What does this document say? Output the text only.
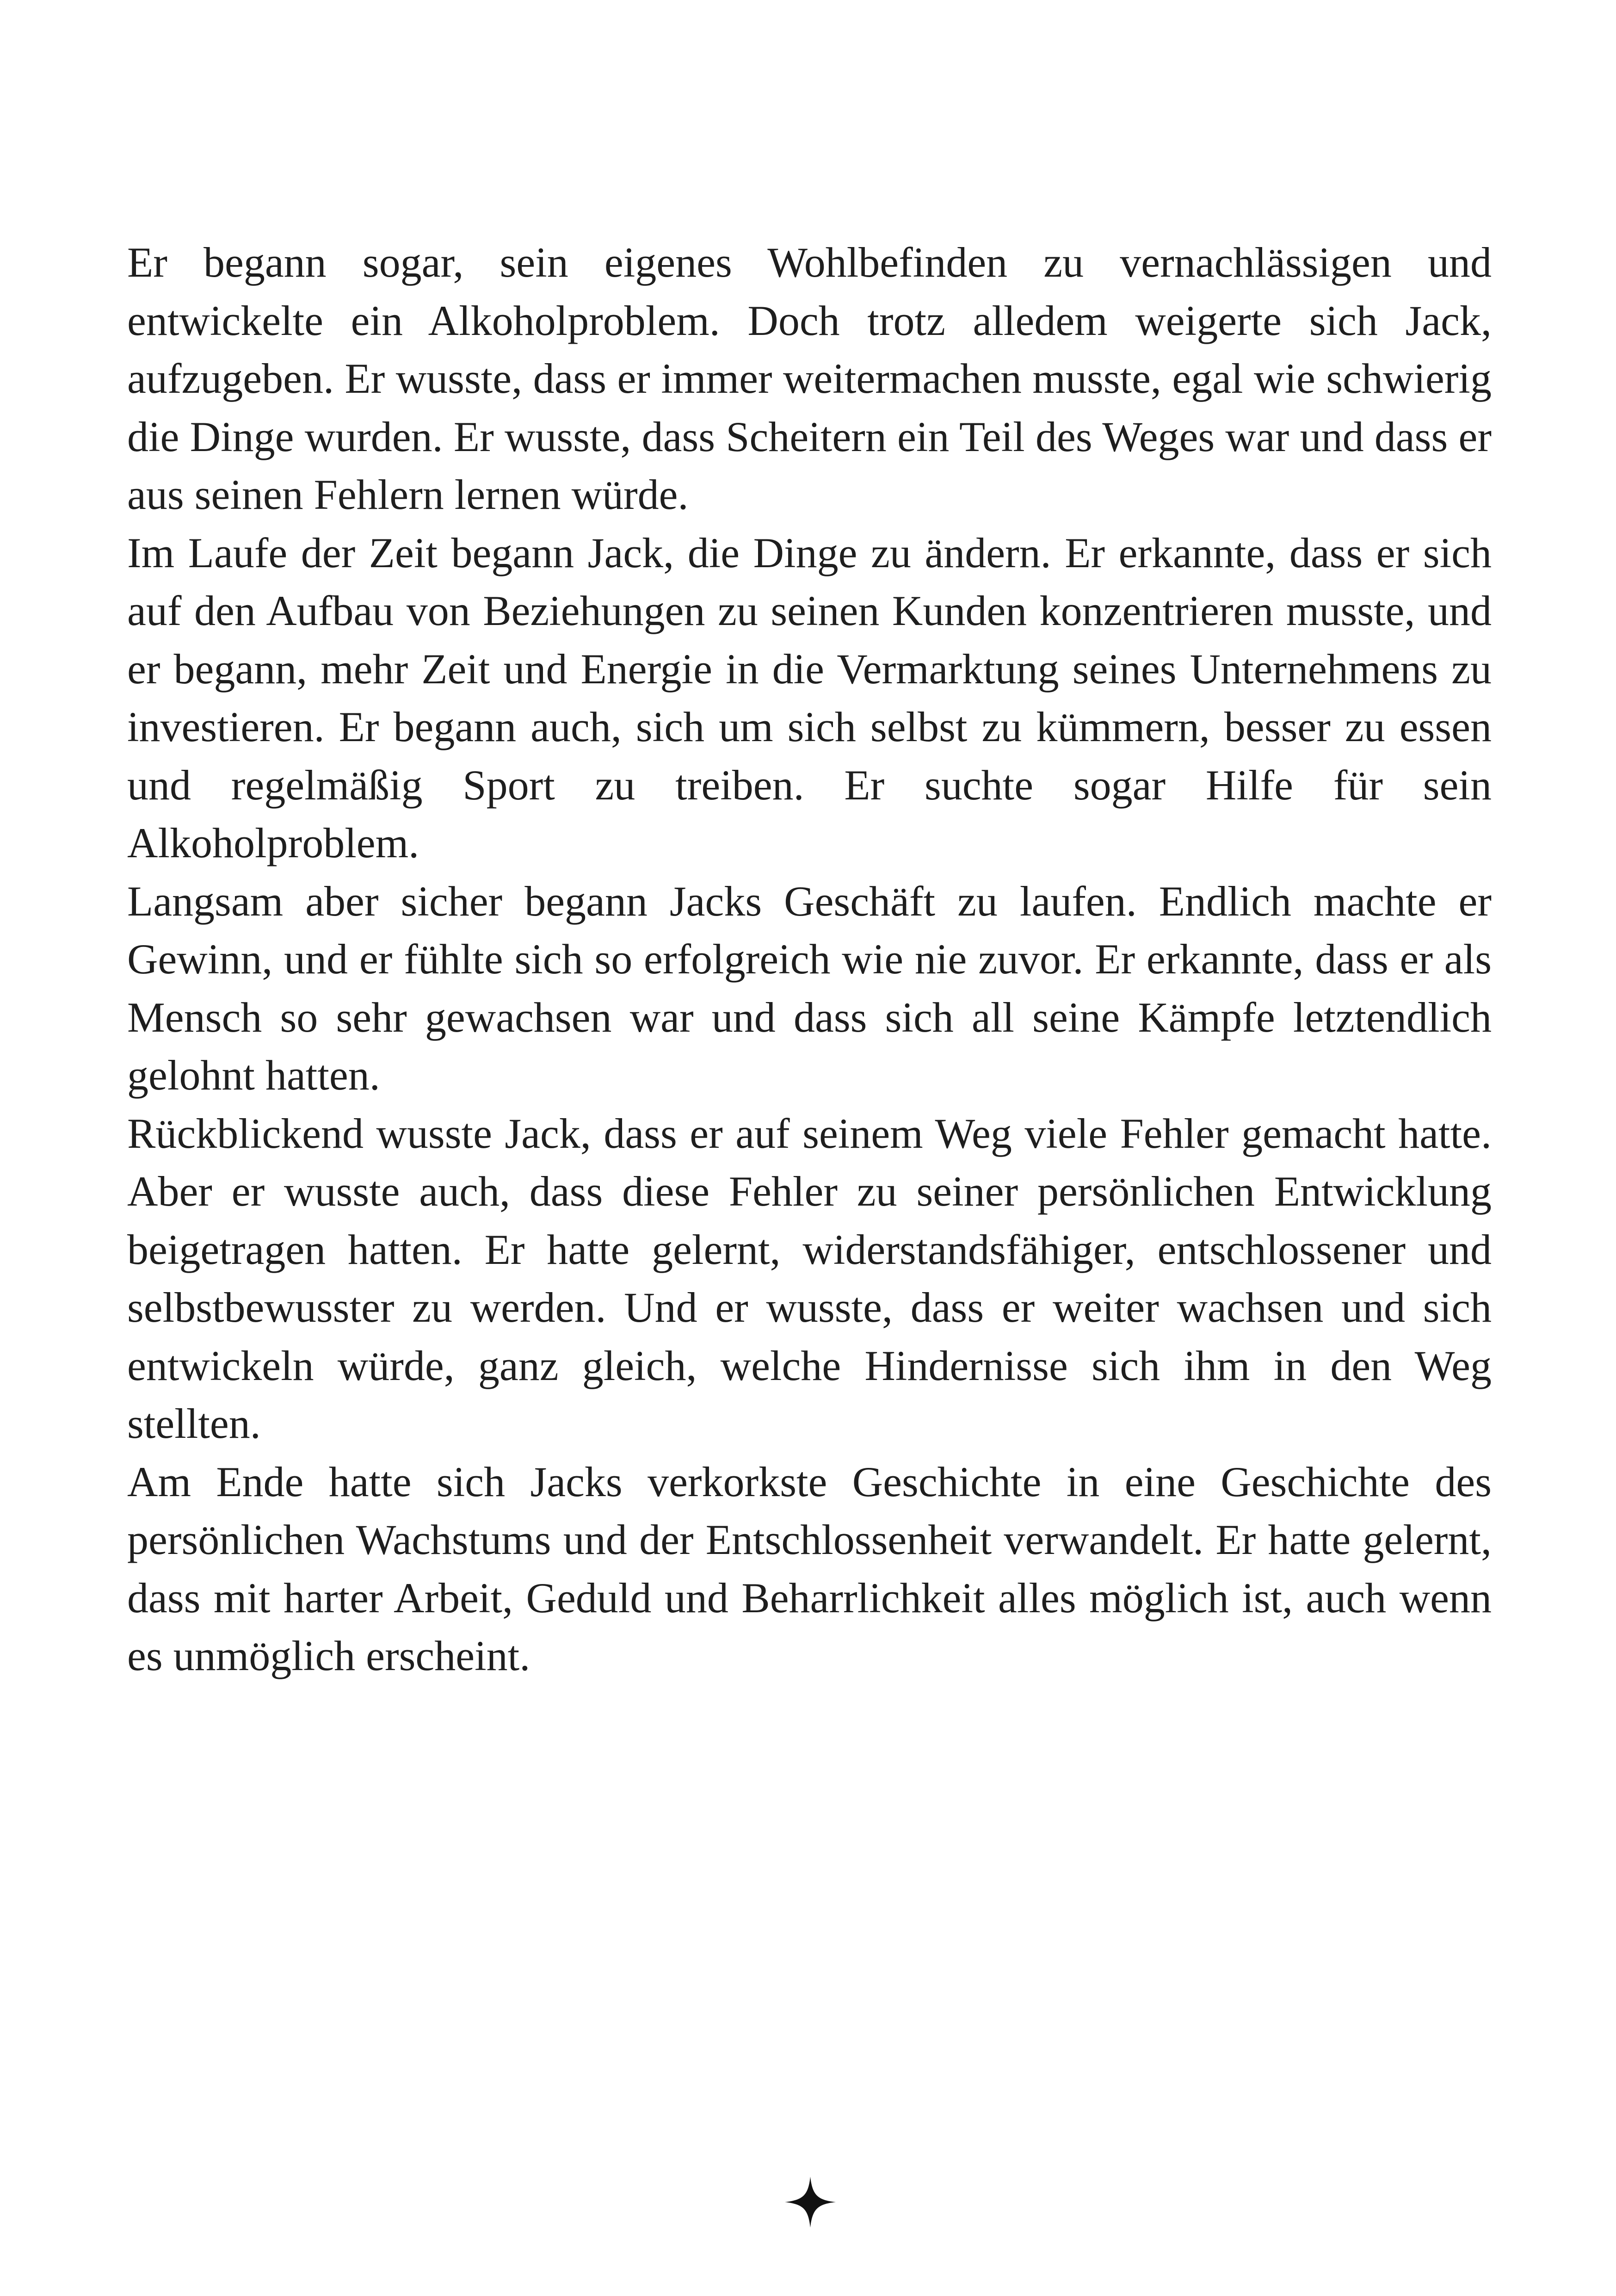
Er begann sogar, sein eigenes Wohlbefinden zu vernachlässigen und entwickelte ein Alkoholproblem. Doch trotz alledem weigerte sich Jack, aufzugeben. Er wusste, dass er immer weitermachen musste, egal wie schwierig die Dinge wurden. Er wusste, dass Scheitern ein Teil des Weges war und dass er aus seinen Fehlern lernen würde.

Im Laufe der Zeit begann Jack, die Dinge zu ändern. Er erkannte, dass er sich auf den Aufbau von Beziehungen zu seinen Kunden konzentrieren musste, und er begann, mehr Zeit und Energie in die Vermarktung seines Unternehmens zu investieren. Er begann auch, sich um sich selbst zu kümmern, besser zu essen und regelmäßig Sport zu treiben. Er suchte sogar Hilfe für sein Alkoholproblem.

Langsam aber sicher begann Jacks Geschäft zu laufen. Endlich machte er Gewinn, und er fühlte sich so erfolgreich wie nie zuvor. Er erkannte, dass er als Mensch so sehr gewachsen war und dass sich all seine Kämpfe letztendlich gelohnt hatten.

Rückblickend wusste Jack, dass er auf seinem Weg viele Fehler gemacht hatte. Aber er wusste auch, dass diese Fehler zu seiner persönlichen Entwicklung beigetragen hatten. Er hatte gelernt, widerstandsfähiger, entschlossener und selbstbewusster zu werden. Und er wusste, dass er weiter wachsen und sich entwickeln würde, ganz gleich, welche Hindernisse sich ihm in den Weg stellten.

Am Ende hatte sich Jacks verkorkste Geschichte in eine Geschichte des persönlichen Wachstums und der Entschlossenheit verwandelt. Er hatte gelernt, dass mit harter Arbeit, Geduld und Beharrlichkeit alles möglich ist, auch wenn es unmöglich erscheint.
